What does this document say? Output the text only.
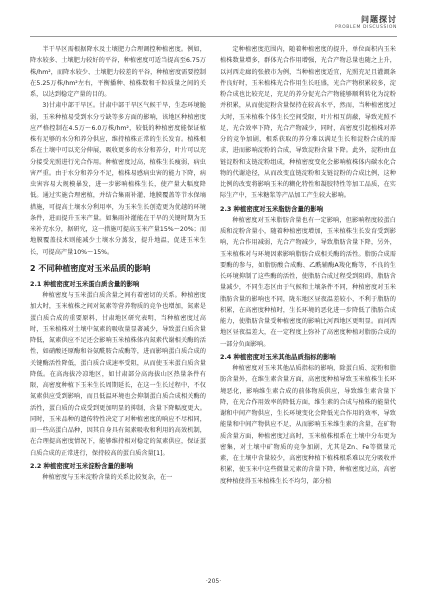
问题探讨
PROBLEM DISCUSSION

半干旱区需根据降水及土壤肥力合理调控种植密度。例如，降水较多、土壤肥力较好的平谷，种植密度可适当提高至6.75万株/hm²，而降水较少、土壤肥力较差的平谷，种植密度需要控制在5.25万株/hm²左右，平衡播种、植株数和千粒质量之间的关系，以达到稳定产量的目的。

3)甘肃中部干旱区。甘肃中部干旱区气候干旱，生态环境脆弱，玉米种植易受到水分亏缺等多方面的影响，该地区种植密度应严格控制在4.5万～6.0万株/hm²，较低的种植密度能保证植株有足够的水分和养分供应，维持植株正常的生长发育。植株根系在土壤中可以充分伸展，吸收更多的水分和养分，叶片可以充分接受光照进行光合作用。种植密度过高，植株生长瘦弱，病虫害严重。由于水分和养分不足，植株易感病虫害的能力下降，病虫害容易大规模暴发，进一步影响植株生长，使产量大幅度降低。通过实施合理密植，并结合集雨补灌、地膜覆盖等节水保墒措施，可提高土壤水分利用率，为玉米生长创造更为优越的环境条件，进而提升玉米产量。如集雨补灌能在干旱的关键时期为玉米补充水分，据研究，这一措施可提高玉米产量15%～20%；而地膜覆盖技术则能减少土壤水分蒸发，提升地温，促进玉米生长，可提高产量10%～15%。

2 不同种植密度对玉米品质的影响
2.1 种植密度对玉米蛋白质含量的影响

种植密度与玉米蛋白质含量之间有着密切的关系。种植密度加大时，玉米植株之间对氮素等营养物质的竞争也增加，氮素是蛋白质合成的重要原料，甘肃地区研究表明，当种植密度过高时，玉米植株对土壤中氮素的吸收量显著减少，导致蛋白质含量降低，氮素供应不足还会影响玉米植株体内氮素代谢相关酶的活性，如硝酸还原酶和谷氨酰胺合成酶等，进而影响蛋白质合成的关键酶活性降低，蛋白质合成速率受阻，从而使玉米蛋白质含量降低。在高海拔冷凉地区，如甘肃部分高海拔山区热量条件有限，高密度种植下玉米生长周期延长，在这一生长过程中，不仅氮素供应受到影响，而且低温环境也会抑制蛋白质合成相关酶的活性，蛋白质的合成受到更加明显的抑制，含量下降幅度更大。同时，玉米品种的遗传特性决定了对种植密度的响应不尽相同，而一些高蛋白品种，因其自身具有氮素吸收和利用的高效机制，在合理提高密度情况下，能够维持相对稳定的氮素供应，保证蛋白质合成的正常进行，保持较高的蛋白质含量[1]。

2.2 种植密度对玉米淀粉含量的影响

种植密度与玉米淀粉含量的关系比较复杂，在一

定种植密度范围内，随着种植密度的提升，单位面积内玉米植株数量增多，群体光合作用增强，光合产物总量也随之上升，以河西走廊的张掖市为例，当种植密度适宜，光照充足且灌溉条件良好时，玉米植株光合作用生长旺盛，光合产物积累较多，淀粉合成也比较充足，充足的养分促光合产物能够顺利转化为淀粉并积累，从而使淀粉含量保持在较高水平，然而，当种植密度过大时，玉米植株个体生长空间受限，叶片相互荫蔽，导致光照不足，光合效率下降，光合产物减少，同时，高密度引起植株对养分的竞争加剧，根系获取的养分难以满足生长和淀粉合成的需求，进而影响淀粉的合成，导致淀粉含量下降。此外，淀粉由直链淀粉和支链淀粉组成，种植密度变化会影响植株体内碳水化合物的代谢途径，从而改变直链淀粉和支链淀粉的合成比例，这种比例的改变将影响玉米的糊化特性和凝胶特性等加工品质，在实际生产中，玉米糖浆等产品加工产生较大影响。

2.3 种植密度对玉米脂肪含量的影响

种植密度对玉米脂肪含量也有一定影响，但影响程度较蛋白质和淀粉含量小，随着种植密度增加，玉米植株生长发育受到影响，光合作用减弱，光合产物减少，导致脂肪含量下降，另外，玉米植株对与环境因素影响脂肪合成相关酶的活性。脂肪合成需要酶的参与，如脂肪酸合成酶、乙酰辅酶A羧化酶等，不良的生长环境抑制了这些酶的活性，使脂肪合成过程受到阻碍，脂肪含量减少，不同生态区由于气候和土壤条件不同，种植密度对玉米脂肪含量的影响也不同，陇东地区昼夜温差较小，不利于脂肪的积累，在高密度种植时，生长环境的恶化进一步降低了脂肪合成能力，使脂肪含量受种植密度的影响比河西地区更明显。而河西地区昼夜温差大，在一定程度上弥补了高密度种植对脂肪合成的一部分负面影响。

2.4 种植密度对玉米其他品质指标的影响

种植密度对玉米其他品质指标的影响，除蛋白质、淀粉和脂肪含量外，在维生素含量方面，高密度种植导致玉米植株生长环境恶化，影响维生素合成的前体物质供应，导致维生素含量下降，在光合作用效率的降低方面，维生素的合成与植株的能量代谢和中间产物供应，生长环境变化会降低光合作用的效率，导致能量和中间产物供应不足，从而影响玉米维生素的含量，在矿物质含量方面，种植密度过高时，玉米植株根系在土壤中分布更为密集，对土壤中矿物质的竞争加剧，尤其是Zn、Fe等微量元素，在土壤中含量较少，高密度种植下植株根系难以充分吸收并积累，使玉米中这些微量元素的含量下降，种植密度过高，高密度种植使得玉米植株生长不均匀，部分植

·205·
